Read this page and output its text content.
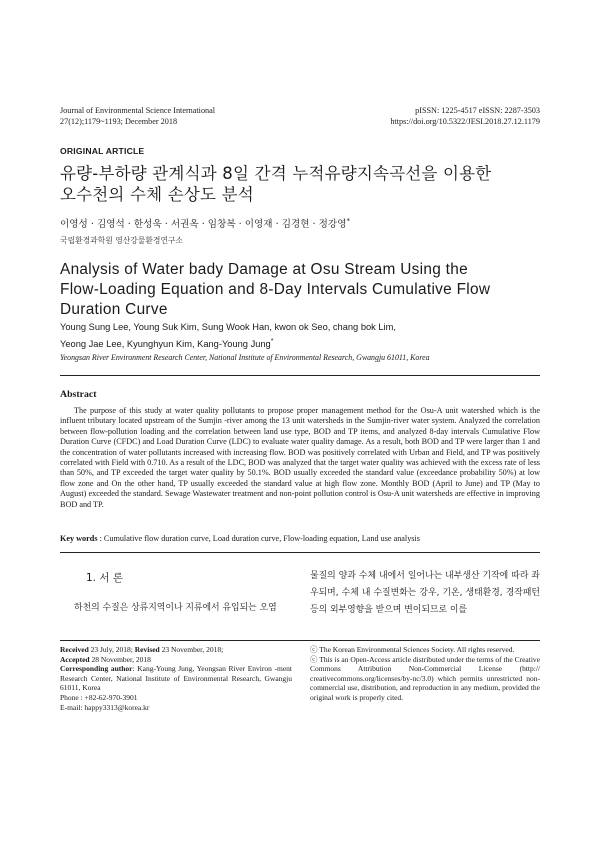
Journal of Environmental Science International
27(12);1179~1193; December 2018
pISSN: 1225-4517 eISSN: 2287-3503
https://doi.org/10.5322/JESI.2018.27.12.1179
ORIGINAL ARTICLE
유량-부하량 관계식과 8일 간격 누적유량지속곡선을 이용한
오수천의 수체 손상도 분석
이영성 · 김영석 · 한성욱 · 서권옥 · 임창복 · 이영재 · 김경현 · 정강영*
국립환경과학원 영산강물환경연구소
Analysis of Water bady Damage at Osu Stream Using the
Flow-Loading Equation and 8-Day Intervals Cumulative Flow
Duration Curve
Young Sung Lee, Young Suk Kim, Sung Wook Han, kwon ok Seo, chang bok Lim,
Yeong Jae Lee, Kyunghyun Kim, Kang-Young Jung*
Yeongsan River Environment Research Center, National Institute of Environmental Research, Gwangju 61011, Korea
Abstract
The purpose of this study at water quality pollutants to propose proper management method for the Osu-A unit watershed which is the influent tributary located upstream of the Sumjin -river among the 13 unit watersheds in the Sumjin-river water system. Analyzed the correlation between flow-pollution loading and the correlation between land use type, BOD and TP items, and analyzed 8-day intervals Cumulative Flow Duration Curve (CFDC) and Load Duration Curve (LDC) to evaluate water quality damage. As a result, both BOD and TP were larger than 1 and the concentration of water pollutants increased with increasing flow. BOD was positively correlated with Urban and Field, and TP was positively correlated with Field with 0.710. As a result of the LDC, BOD was analyzed that the target water quality was achieved with the excess rate of less than 50%, and TP exceeded the target water quality by 50.1%. BOD usually exceeded the standard value (exceedance probability 50%) at low flow zone and On the other hand, TP usually exceeded the standard value at high flow zone. Monthly BOD (April to June) and TP (May to August) exceeded the standard. Sewage Wastewater treatment and non-point pollution control is Osu-A unit watersheds are effective in improving BOD and TP.
Key words : Cumulative flow duration curve, Load duration curve, Flow-loading equation, Land use analysis
1. 서 론
하천의 수질은 상류지역이나 지류에서 유입되는 오염
물질의 양과 수체 내에서 일어나는 내부생산 기작에 따라 좌우되며, 수체 내 수질변화는 강우, 기온, 생태환경, 경작패턴 등의 외부영향을 받으며 변이되므로 이를
Received 23 July, 2018; Revised 23 November, 2018;
Accepted 28 November, 2018
Corresponding author: Kang-Young Jung, Yeongsan River Environ -ment Research Center, National Institute of Environmental Research, Gwangju 61011, Korea
Phone : +82-62-970-3901
E-mail: happy3313@korea.kr
ⓒ The Korean Environmental Sciences Society. All rights reserved.
ⓒ This is an Open-Access article distributed under the terms of the Creative Commons Attribution Non-Commercial License (http:// creativecommons.org/licenses/by-nc/3.0) which permits unrestricted non-commercial use, distribution, and reproduction in any medium, provided the original work is properly cited.
